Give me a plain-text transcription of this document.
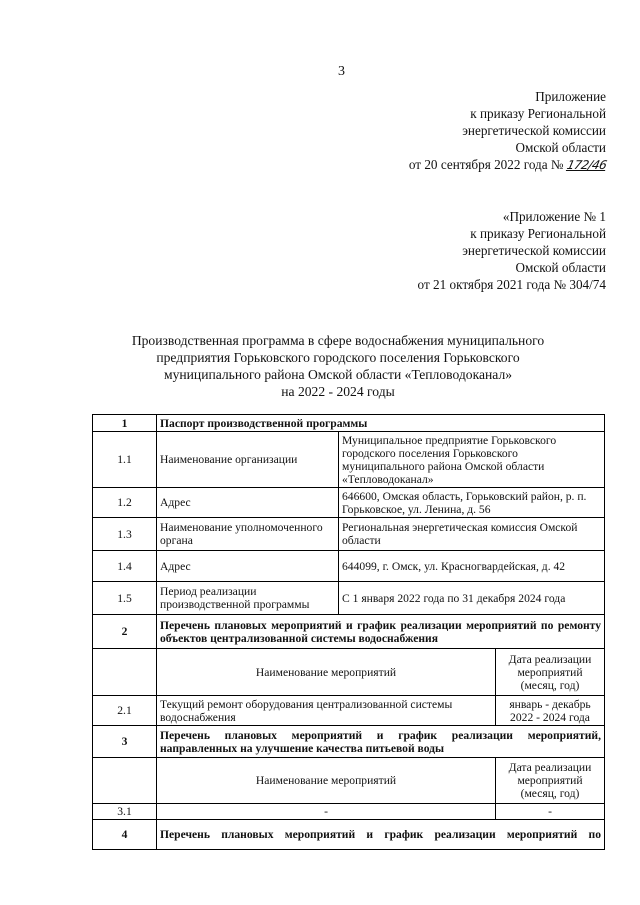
3
Приложение
к приказу Региональной
энергетической комиссии
Омской области
от 20 сентября 2022 года № 172/46
«Приложение № 1
к приказу Региональной
энергетической комиссии
Омской области
от 21 октября 2021 года № 304/74
Производственная программа в сфере водоснабжения муниципального
предприятия Горьковского городского поселения Горьковского
муниципального района Омской области «Тепловодоканал»
на 2022 - 2024 годы
1	Паспорт производственной программы		
1.1	Наименование организации	Муниципальное предприятие Горьковского городского поселения Горьковского муниципального района Омской области «Тепловодоканал»	
1.2	Адрес	646600, Омская область, Горьковский район, р. п. Горьковское, ул. Ленина, д. 56	
1.3	Наименование уполномоченного органа	Региональная энергетическая комиссия Омской области	
1.4	Адрес	644099, г. Омск, ул. Красногвардейская, д. 42	
1.5	Период реализации производственной программы	С 1 января 2022 года по 31 декабря 2024 года	
2	Перечень плановых мероприятий и график реализации мероприятий по ремонту объектов централизованной системы водоснабжения		
	Наименование мероприятий		Дата реализации мероприятий (месяц, год)
2.1	Текущий ремонт оборудования централизованной системы водоснабжения		январь - декабрь 2022 - 2024 года
3	Перечень плановых мероприятий и график реализации мероприятий, направленных на улучшение качества питьевой воды		
	Наименование мероприятий		Дата реализации мероприятий (месяц, год)
3.1	-		-
4	Перечень плановых мероприятий и график реализации мероприятий по		
